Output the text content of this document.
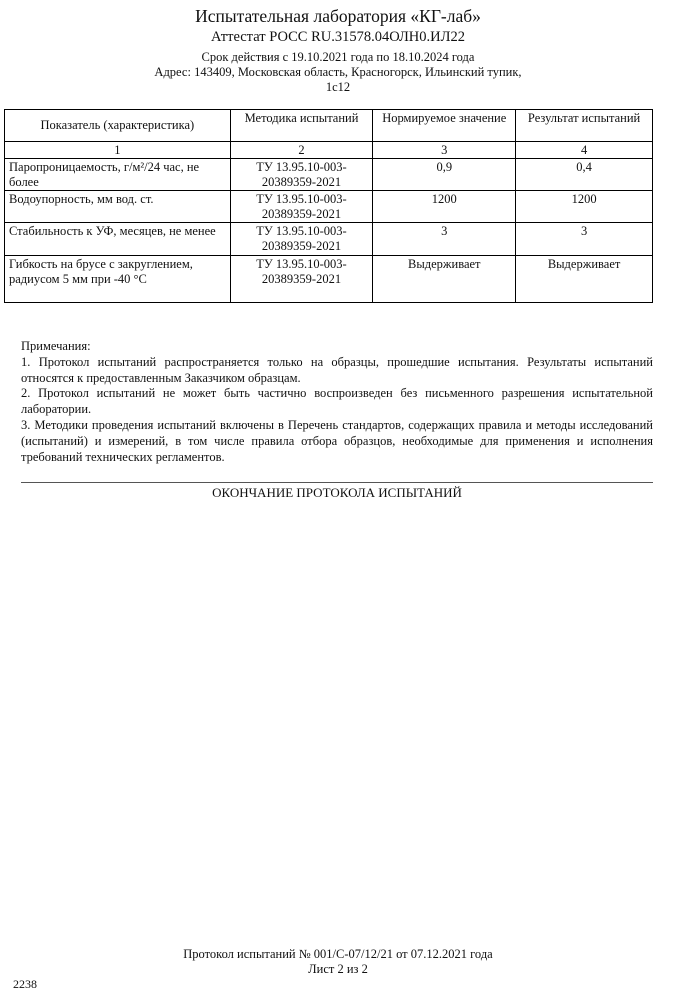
Испытательная лаборатория «КГ-лаб»
Аттестат РОСС RU.31578.04ОЛН0.ИЛ22
Срок действия с 19.10.2021 года по 18.10.2024 года
Адрес: 143409, Московская область, Красногорск, Ильинский тупик,
1с12
Показатель (характеристика)	Методика испытаний	Нормируемое значение	Результат испытаний
1	2	3	4
Паропроницаемость, г/м²/24 час, не более	ТУ 13.95.10-003-20389359-2021	0,9	0,4
Водоупорность, мм вод. ст.	ТУ 13.95.10-003-20389359-2021	1200	1200
Стабильность к УФ, месяцев, не менее	ТУ 13.95.10-003-20389359-2021	3	3
Гибкость на брусе с закруглением, радиусом 5 мм при -40 °С	ТУ 13.95.10-003-20389359-2021	Выдерживает	Выдерживает

Примечания:

1. Протокол испытаний распространяется только на образцы, прошедшие испытания. Результаты испытаний относятся к предоставленным Заказчиком образцам.

2. Протокол испытаний не может быть частично воспроизведен без письменного разрешения испытательной лаборатории.

3. Методики проведения испытаний включены в Перечень стандартов, содержащих правила и методы исследований (испытаний) и измерений, в том числе правила отбора образцов, необходимые для применения и исполнения требований технических регламентов.

ОКОНЧАНИЕ ПРОТОКОЛА ИСПЫТАНИЙ
Протокол испытаний № 001/С-07/12/21 от 07.12.2021 года
Лист 2 из 2
2238
